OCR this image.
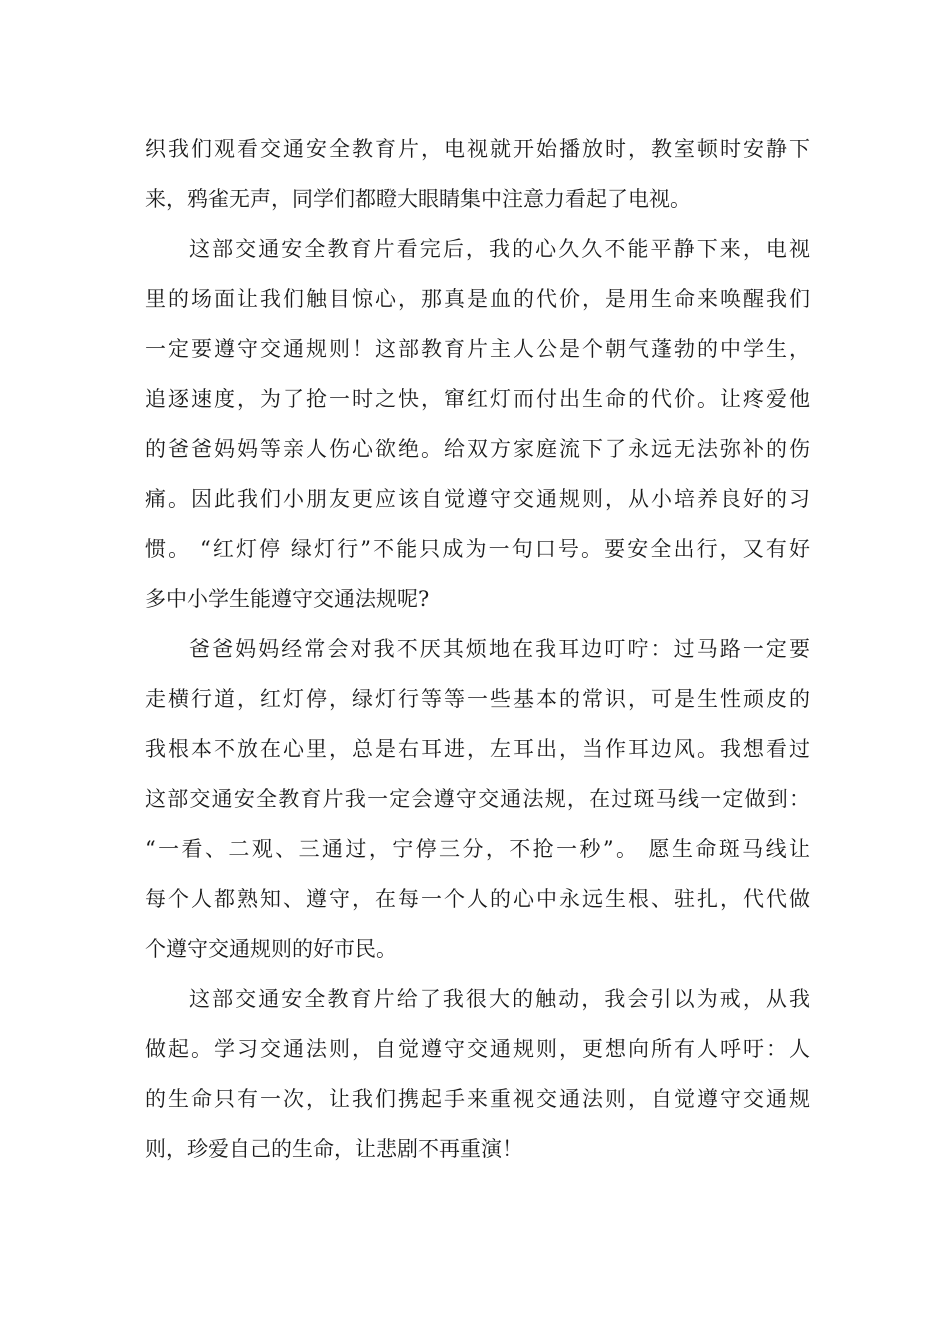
织我们观看交通安全教育片，电视就开始播放时，教室顿时安静下
来，鸦雀无声，同学们都瞪大眼睛集中注意力看起了电视。
这部交通安全教育片看完后，我的心久久不能平静下来，电视
里的场面让我们触目惊心，那真是血的代价，是用生命来唤醒我们
一定要遵守交通规则！这部教育片主人公是个朝气蓬勃的中学生，
追逐速度，为了抢一时之快，窜红灯而付出生命的代价。让疼爱他
的爸爸妈妈等亲人伤心欲绝。给双方家庭流下了永远无法弥补的伤
痛。因此我们小朋友更应该自觉遵守交通规则，从小培养良好的习
惯。 “红灯停 绿灯行”不能只成为一句口号。要安全出行，又有好
多中小学生能遵守交通法规呢?
爸爸妈妈经常会对我不厌其烦地在我耳边叮咛：过马路一定要
走横行道，红灯停，绿灯行等等一些基本的常识，可是生性顽皮的
我根本不放在心里，总是右耳进，左耳出，当作耳边风。我想看过
这部交通安全教育片我一定会遵守交通法规，在过斑马线一定做到：
“一看、二观、三通过，宁停三分，不抢一秒”。 愿生命斑马线让
每个人都熟知、遵守，在每一个人的心中永远生根、驻扎，代代做
个遵守交通规则的好市民。
这部交通安全教育片给了我很大的触动，我会引以为戒，从我
做起。学习交通法则，自觉遵守交通规则，更想向所有人呼吁：人
的生命只有一次，让我们携起手来重视交通法则，自觉遵守交通规
则，珍爱自己的生命，让悲剧不再重演！
